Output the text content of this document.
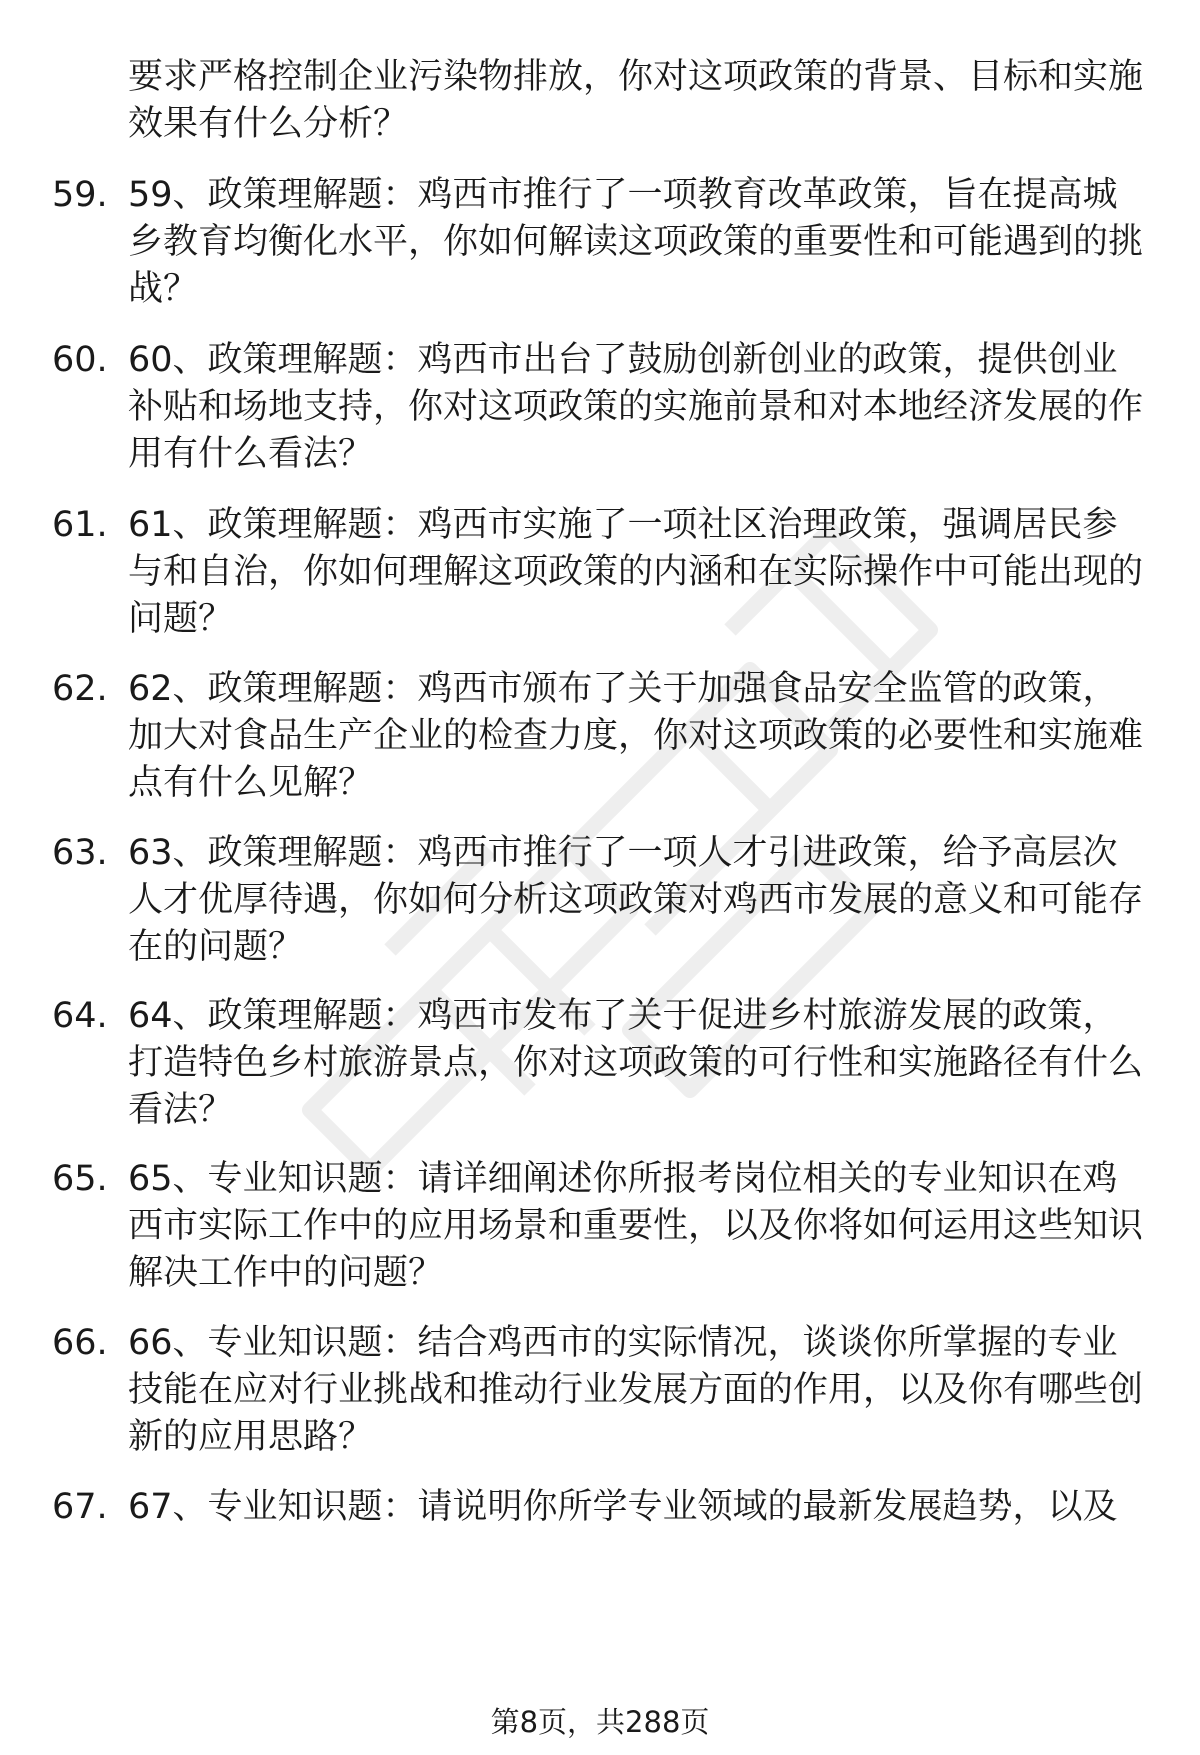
要求严格控制企业污染物排放，你对这项政策的背景、目标和实施效果有什么分析？
59. 59、政策理解题：鸡西市推行了一项教育改革政策，旨在提高城乡教育均衡化水平，你如何解读这项政策的重要性和可能遇到的挑战？
60. 60、政策理解题：鸡西市出台了鼓励创新创业的政策，提供创业补贴和场地支持，你对这项政策的实施前景和对本地经济发展的作用有什么看法？
61. 61、政策理解题：鸡西市实施了一项社区治理政策，强调居民参与和自治，你如何理解这项政策的内涵和在实际操作中可能出现的问题？
62. 62、政策理解题：鸡西市颁布了关于加强食品安全监管的政策，加大对食品生产企业的检查力度，你对这项政策的必要性和实施难点有什么见解？
63. 63、政策理解题：鸡西市推行了一项人才引进政策，给予高层次人才优厚待遇，你如何分析这项政策对鸡西市发展的意义和可能存在的问题？
64. 64、政策理解题：鸡西市发布了关于促进乡村旅游发展的政策，打造特色乡村旅游景点，你对这项政策的可行性和实施路径有什么看法？
65. 65、专业知识题：请详细阐述你所报考岗位相关的专业知识在鸡西市实际工作中的应用场景和重要性，以及你将如何运用这些知识解决工作中的问题？
66. 66、专业知识题：结合鸡西市的实际情况，谈谈你所掌握的专业技能在应对行业挑战和推动行业发展方面的作用，以及你有哪些创新的应用思路？
67. 67、专业知识题：请说明你所学专业领域的最新发展趋势，以及
第8页，共288页
